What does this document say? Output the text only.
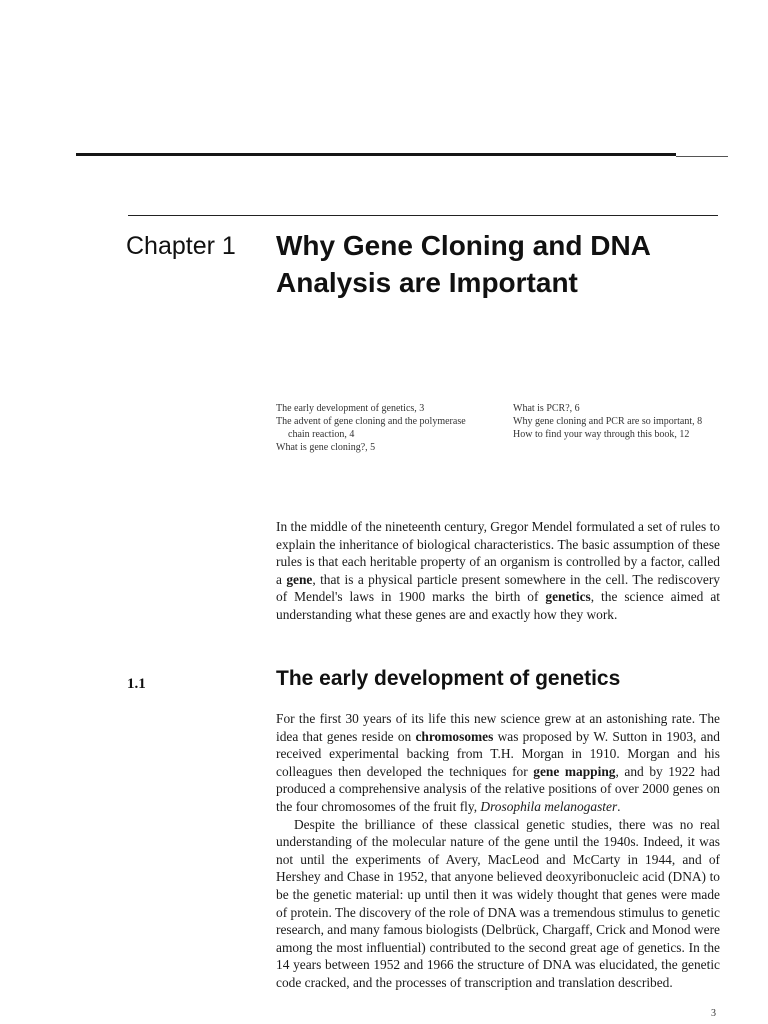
Chapter 1 Why Gene Cloning and DNA Analysis are Important
The early development of genetics, 3
The advent of gene cloning and the polymerase chain reaction, 4
What is gene cloning?, 5
What is PCR?, 6
Why gene cloning and PCR are so important, 8
How to find your way through this book, 12

In the middle of the nineteenth century, Gregor Mendel formulated a set of rules to explain the inheritance of biological characteristics. The basic assumption of these rules is that each heritable property of an organism is controlled by a factor, called a gene, that is a physical particle present somewhere in the cell. The rediscovery of Mendel's laws in 1900 marks the birth of genetics, the science aimed at understanding what these genes are and exactly how they work.

1.1	The early development of genetics

For the first 30 years of its life this new science grew at an astonishing rate. The idea that genes reside on chromosomes was proposed by W. Sutton in 1903, and received experimental backing from T.H. Morgan in 1910. Morgan and his colleagues then developed the techniques for gene mapping, and by 1922 had produced a comprehensive analysis of the relative positions of over 2000 genes on the four chromosomes of the fruit fly, Drosophila melanogaster.

Despite the brilliance of these classical genetic studies, there was no real understanding of the molecular nature of the gene until the 1940s. Indeed, it was not until the experiments of Avery, MacLeod and McCarty in 1944, and of Hershey and Chase in 1952, that anyone believed deoxyribonucleic acid (DNA) to be the genetic material: up until then it was widely thought that genes were made of protein. The discovery of the role of DNA was a tremendous stimulus to genetic research, and many famous biologists (Delbrück, Chargaff, Crick and Monod were among the most influential) contributed to the second great age of genetics. In the 14 years between 1952 and 1966 the structure of DNA was elucidated, the genetic code cracked, and the processes of transcription and translation described.

3
